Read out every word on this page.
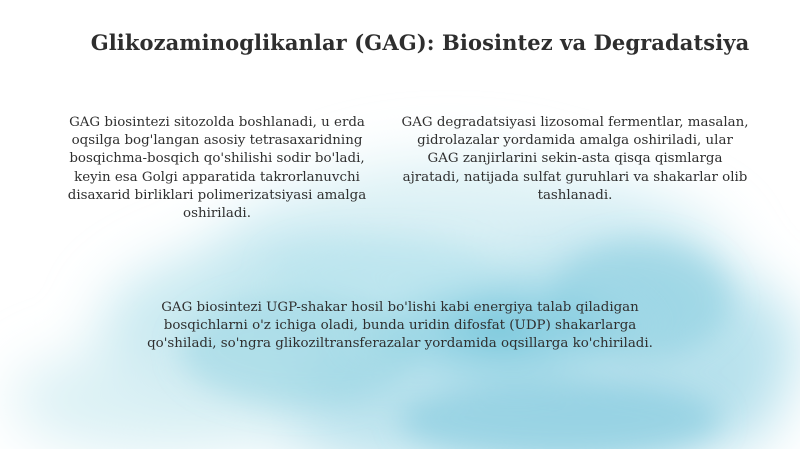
Glikozaminoglikanlar (GAG): Biosintez va Degradatsiya
GAG biosintezi sitozolda boshlanadi, u erda oqsilga bog'langan asosiy tetrasaxaridning bosqichma-bosqich qo'shilishi sodir bo'ladi, keyin esa Golgi apparatida takrorlanuvchi disaxarid birliklari polimerizatsiyasi amalga oshiriladi.
GAG degradatsiyasi lizosomal fermentlar, masalan, gidrolazalar yordamida amalga oshiriladi, ular GAG zanjirlarini sekin-asta qisqa qismlarga ajratadi, natijada sulfat guruhlari va shakarlar olib tashlanadi.
GAG biosintezi UGP-shakar hosil bo'lishi kabi energiya talab qiladigan bosqichlarni o'z ichiga oladi, bunda uridin difosfat (UDP) shakarlarga qo'shiladi, so'ngra glikoziltransferazalar yordamida oqsillarga ko'chiriladi.
